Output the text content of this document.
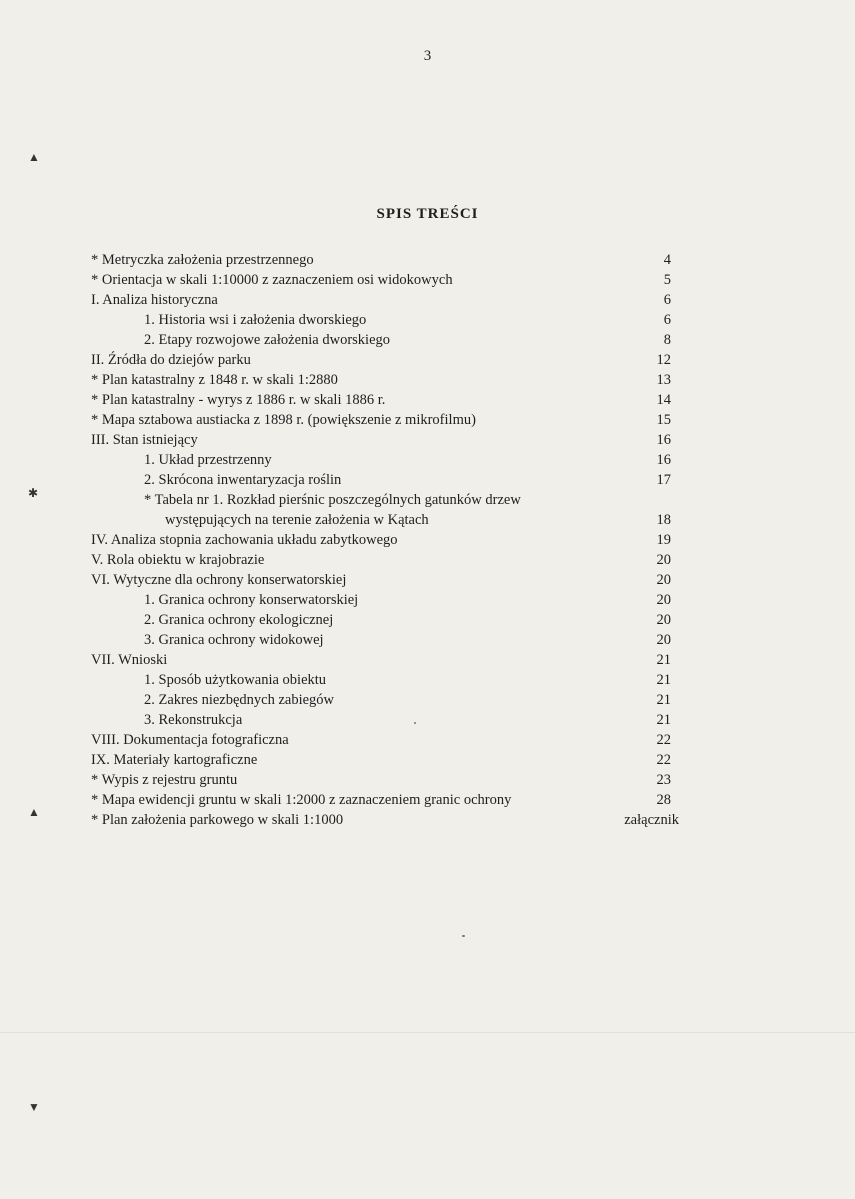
3
SPIS TREŚCI
* Metryczka założenia przestrzennego	4
* Orientacja w skali 1:10000 z zaznaczeniem osi widokowych	5
I. Analiza historyczna	6
1. Historia wsi i założenia dworskiego	6
2. Etapy rozwojowe założenia dworskiego	8
II. Źródła do dziejów parku	12
* Plan katastralny z 1848 r. w skali 1:2880	13
* Plan katastralny - wyrys z 1886 r. w skali 1886 r.	14
* Mapa sztabowa austiacka z 1898 r. (powiększenie z mikrofilmu)	15
III. Stan istniejący	16
1. Układ przestrzenny	16
2. Skrócona inwentaryzacja roślin	17
* Tabela nr 1. Rozkład pierśnic poszczególnych gatunków drzew
występujących na terenie założenia w Kątach	18
IV. Analiza stopnia zachowania układu zabytkowego	19
V. Rola obiektu w krajobrazie	20
VI. Wytyczne dla ochrony konserwatorskiej	20
1. Granica ochrony konserwatorskiej	20
2. Granica ochrony ekologicznej	20
3. Granica ochrony widokowej	20
VII. Wnioski	21
1. Sposób użytkowania obiektu	21
2. Zakres niezbędnych zabiegów	21
3. Rekonstrukcja	21
VIII. Dokumentacja fotograficzna	22
IX. Materiały kartograficzne	22
* Wypis z rejestru gruntu	23
* Mapa ewidencji gruntu w skali 1:2000 z zaznaczeniem granic ochrony	28
* Plan założenia parkowego w skali 1:1000	załącznik
▲
✱
▲
▼
